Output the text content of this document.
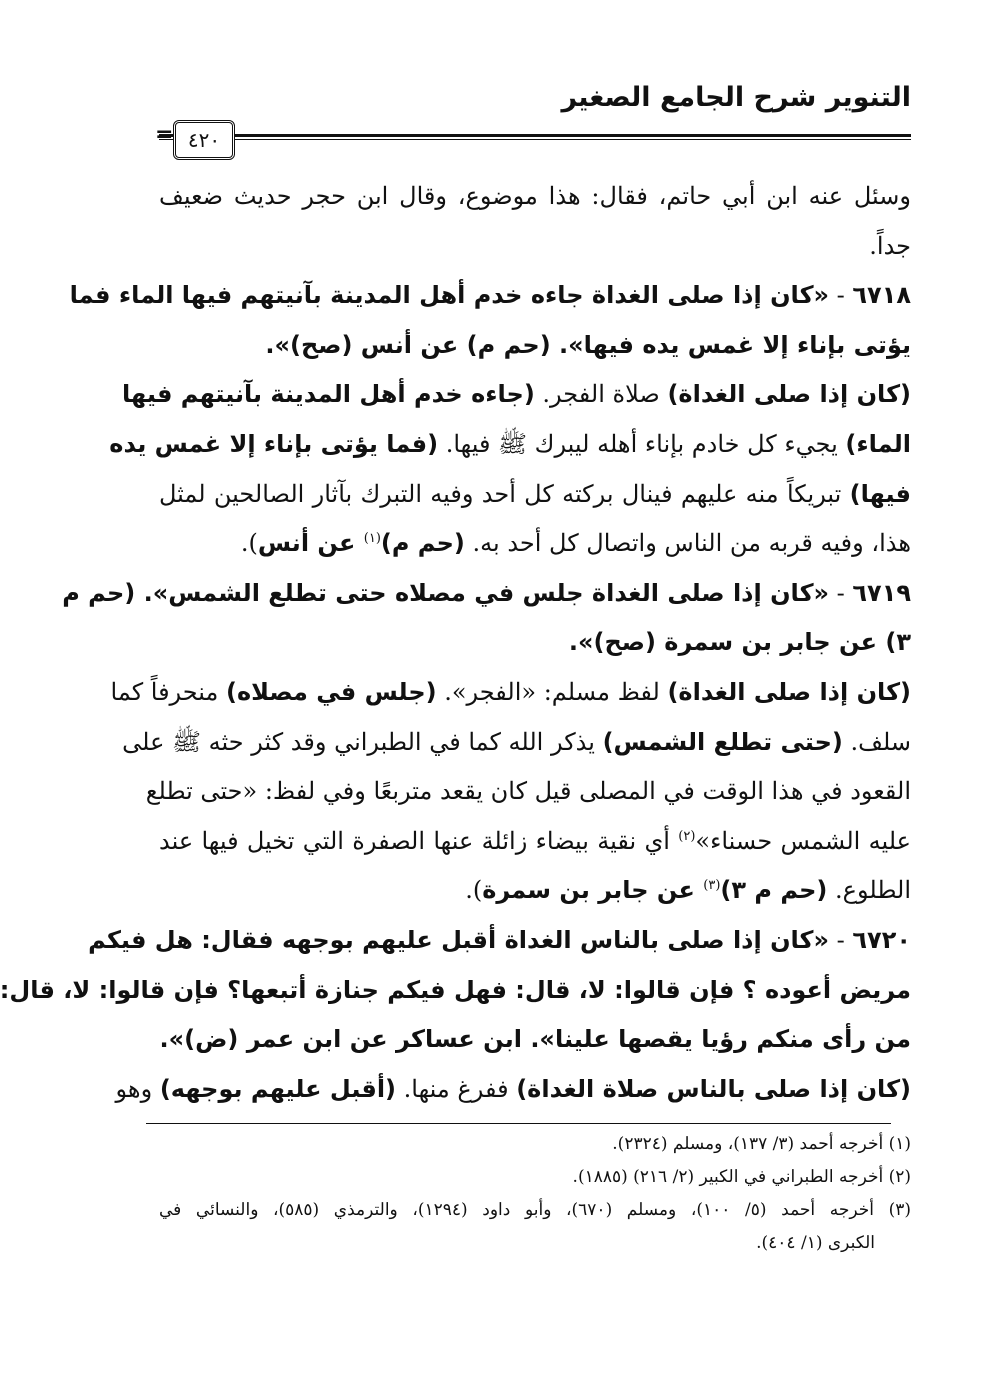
التنوير شرح الجامع الصغير
= ٤٢٠

وسئل عنه ابن أبي حاتم، فقال: هذا موضوع، وقال ابن حجر حديث ضعيف

جداً.

٦٧١٨ - «كان إذا صلى الغداة جاءه خدم أهل المدينة بآنيتهم فيها الماء فما

يؤتى بإناء إلا غمس يده فيها». (حم م) عن أنس (صح)».

(كان إذا صلى الغداة) صلاة الفجر. (جاءه خدم أهل المدينة بآنيتهم فيها

الماء) يجيء كل خادم بإناء أهله ليبرك ﷺ فيها. (فما يؤتى بإناء إلا غمس يده

فيها) تبريكاً منه عليهم فينال بركته كل أحد وفيه التبرك بآثار الصالحين لمثل

هذا، وفيه قربه من الناس واتصال كل أحد به. (حم م)$^{(١)}$ عن أنس).

٦٧١٩ - «كان إذا صلى الغداة جلس في مصلاه حتى تطلع الشمس». (حم م

٣) عن جابر بن سمرة (صح)».

(كان إذا صلى الغداة) لفظ مسلم: «الفجر». (جلس في مصلاه) منحرفاً كما

سلف. (حتى تطلع الشمس) يذكر الله كما في الطبراني وقد كثر حثه ﷺ على

القعود في هذا الوقت في المصلى قيل كان يقعد متربعًا وفي لفظ: «حتى تطلع

عليه الشمس حسناء»$^{(٢)}$ أي نقية بيضاء زائلة عنها الصفرة التي تخيل فيها عند

الطلوع. (حم م ٣)$^{(٣)}$ عن جابر بن سمرة).

٦٧٢٠ - «كان إذا صلى بالناس الغداة أقبل عليهم بوجهه فقال: هل فيكم

مريض أعوده ؟ فإن قالوا: لا، قال: فهل فيكم جنازة أتبعها؟ فإن قالوا: لا، قال:

من رأى منكم رؤيا يقصها علينا». ابن عساكر عن ابن عمر (ض)».

(كان إذا صلى بالناس صلاة الغداة) ففرغ منها. (أقبل عليهم بوجهه) وهو

(١) أخرجه أحمد (٣/ ١٣٧)، ومسلم (٢٣٢٤).

(٢) أخرجه الطبراني في الكبير (٢/ ٢١٦) (١٨٨٥).

(٣) أخرجه أحمد (٥/ ١٠٠)، ومسلم (٦٧٠)، وأبو داود (١٢٩٤)، والترمذي (٥٨٥)، والنسائي في

الكبرى (١/ ٤٠٤).
